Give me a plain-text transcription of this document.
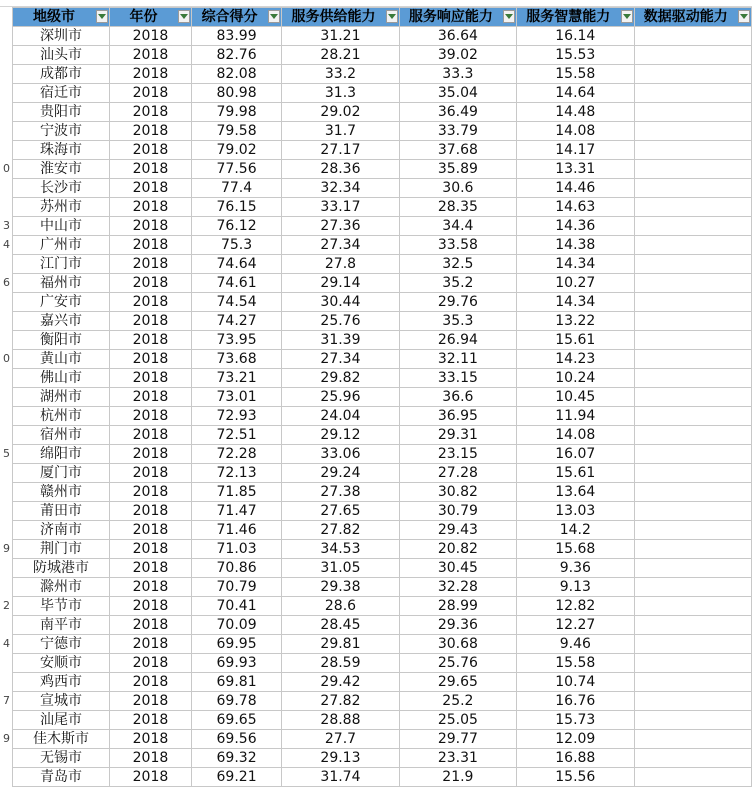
0
3
4
6
0
5
9
2
4
7
9
地级市	年份	综合得分	服务供给能力	服务响应能力	服务智慧能力	数据驱动能力

深圳市	2018	83.99	31.21	36.64	16.14	
汕头市	2018	82.76	28.21	39.02	15.53	
成都市	2018	82.08	33.2	33.3	15.58	
宿迁市	2018	80.98	31.3	35.04	14.64	
贵阳市	2018	79.98	29.02	36.49	14.48	
宁波市	2018	79.58	31.7	33.79	14.08	
珠海市	2018	79.02	27.17	37.68	14.17	
淮安市	2018	77.56	28.36	35.89	13.31	
长沙市	2018	77.4	32.34	30.6	14.46	
苏州市	2018	76.15	33.17	28.35	14.63	
中山市	2018	76.12	27.36	34.4	14.36	
广州市	2018	75.3	27.34	33.58	14.38	
江门市	2018	74.64	27.8	32.5	14.34	
福州市	2018	74.61	29.14	35.2	10.27	
广安市	2018	74.54	30.44	29.76	14.34	
嘉兴市	2018	74.27	25.76	35.3	13.22	
衡阳市	2018	73.95	31.39	26.94	15.61	
黄山市	2018	73.68	27.34	32.11	14.23	
佛山市	2018	73.21	29.82	33.15	10.24	
湖州市	2018	73.01	25.96	36.6	10.45	
杭州市	2018	72.93	24.04	36.95	11.94	
宿州市	2018	72.51	29.12	29.31	14.08	
绵阳市	2018	72.28	33.06	23.15	16.07	
厦门市	2018	72.13	29.24	27.28	15.61	
赣州市	2018	71.85	27.38	30.82	13.64	
莆田市	2018	71.47	27.65	30.79	13.03	
济南市	2018	71.46	27.82	29.43	14.2	
荆门市	2018	71.03	34.53	20.82	15.68	
防城港市	2018	70.86	31.05	30.45	9.36	
滁州市	2018	70.79	29.38	32.28	9.13	
毕节市	2018	70.41	28.6	28.99	12.82	
南平市	2018	70.09	28.45	29.36	12.27	
宁德市	2018	69.95	29.81	30.68	9.46	
安顺市	2018	69.93	28.59	25.76	15.58	
鸡西市	2018	69.81	29.42	29.65	10.74	
宣城市	2018	69.78	27.82	25.2	16.76	
汕尾市	2018	69.65	28.88	25.05	15.73	
佳木斯市	2018	69.56	27.7	29.77	12.09	
无锡市	2018	69.32	29.13	23.31	16.88	
青岛市	2018	69.21	31.74	21.9	15.56	
